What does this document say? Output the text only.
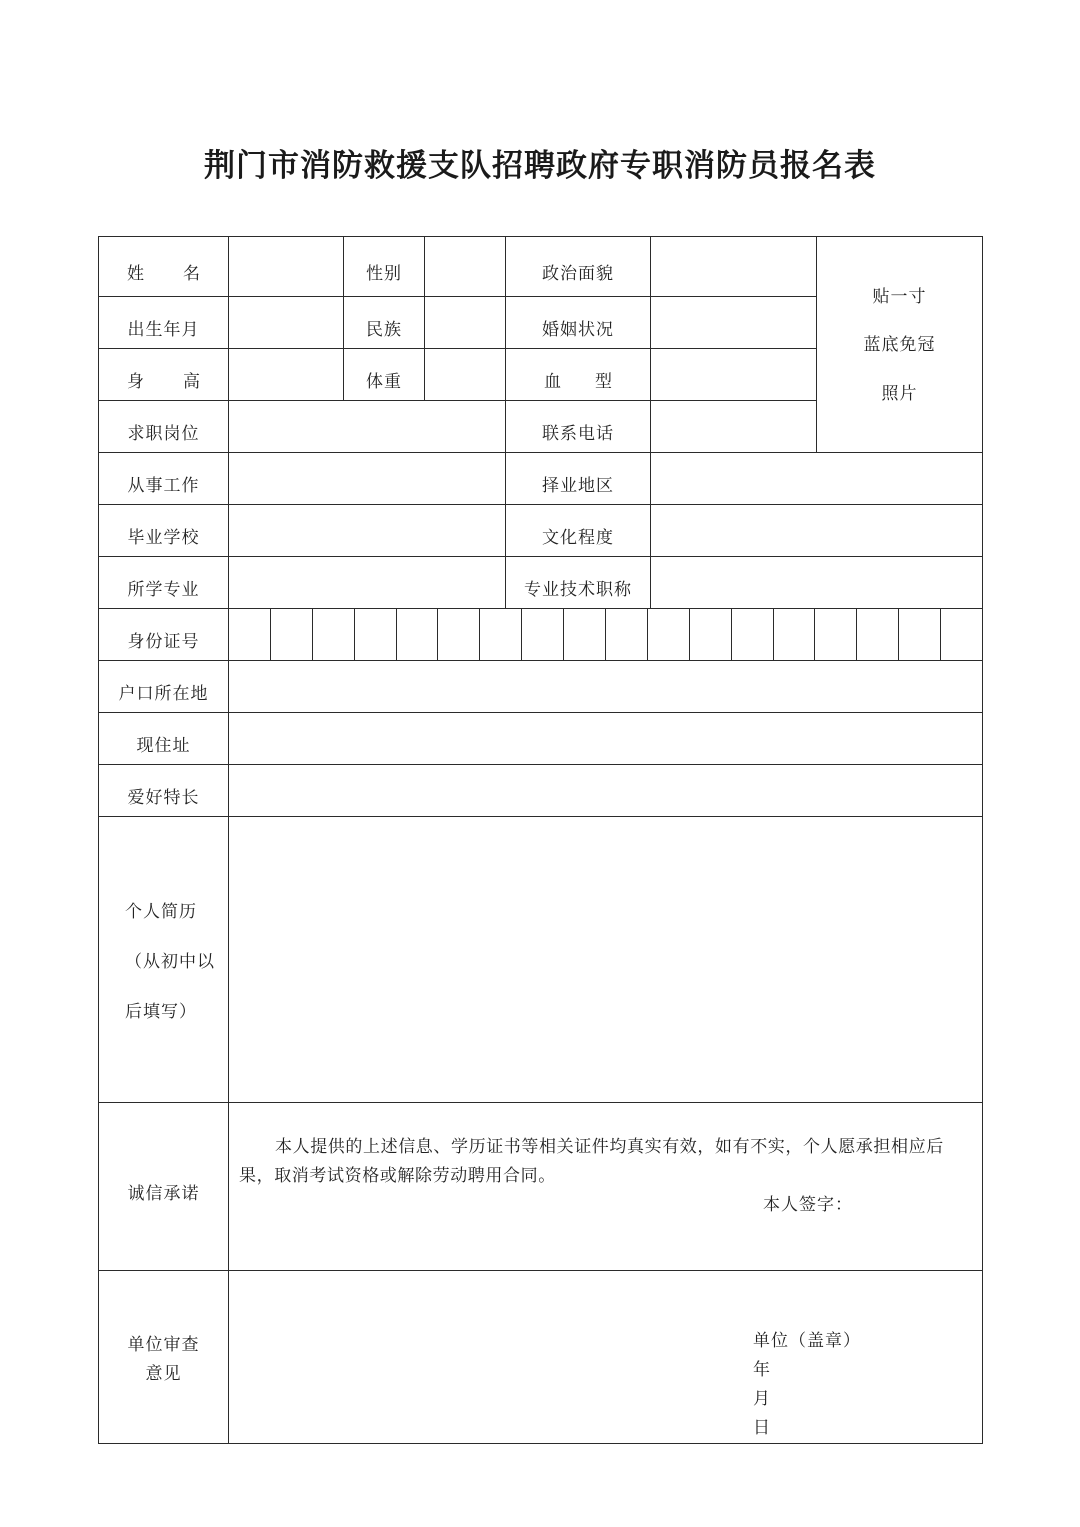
荆门市消防救援支队招聘政府专职消防员报名表
姓 名		性别		政治面貌		贴一寸
蓝底免冠
照片

出生年月		民族		婚姻状况		

身 高		体重		血 型		

求职岗位				联系电话		
从事工作				择业地区		
毕业学校				文化程度		
所学专业				专业技术职称		
身份证号						

户口所在地						
现住址						
爱好特长						

个人简历
（从初中以
后填写）						

诚信承诺	本人提供的上述信息、学历证书等相关证件均真实有效，如有不实，个人愿承担相应后果，取消考试资格或解除劳动聘用合同。

本人签字：					

单位审查
意见	单位（盖章）
年
月
日					
